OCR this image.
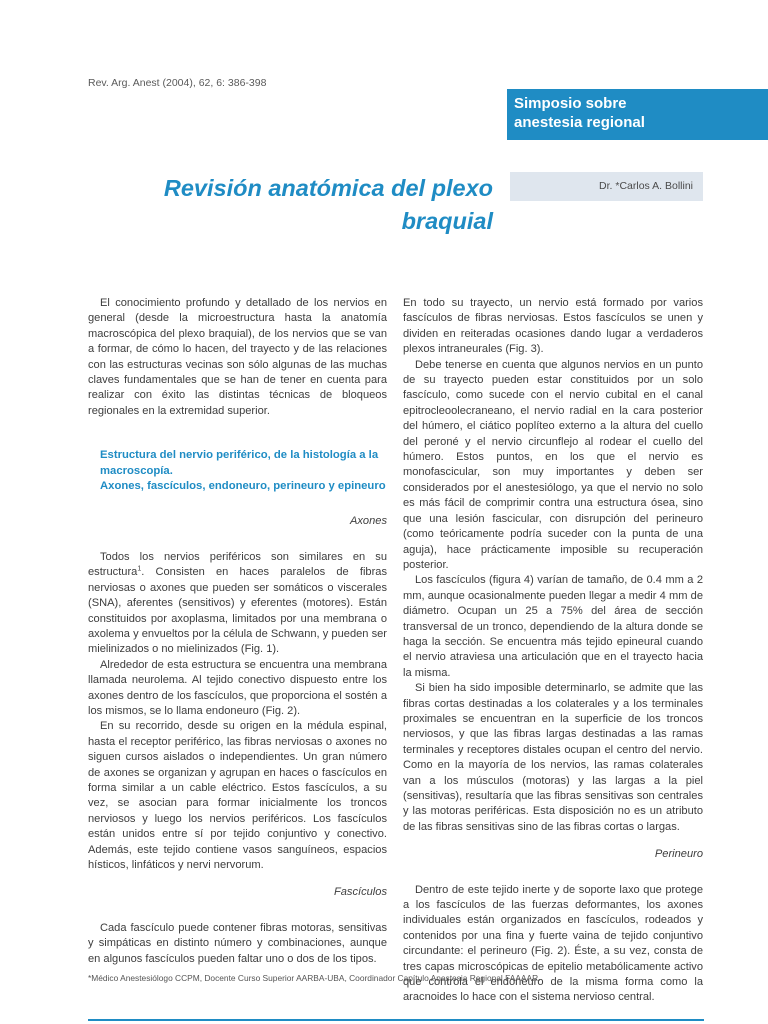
Rev. Arg. Anest (2004), 62, 6: 386-398
Simposio sobre
anestesia regional
Revisión anatómica del plexo
braquial
Dr. *Carlos A. Bollini

El conocimiento profundo y detallado de los nervios en general (desde la microestructura hasta la anatomía macroscópica del plexo braquial), de los nervios que se van a formar, de cómo lo hacen, del trayecto y de las relaciones con las estructuras vecinas son sólo algunas de las muchas claves fundamentales que se han de tener en cuenta para realizar con éxito las distintas técnicas de bloqueos regionales en la extremidad superior.

Estructura del nervio periférico, de la histología a la macroscopía.
Axones, fascículos, endoneuro, perineuro y epineuro
Axones

Todos los nervios periféricos son similares en su estructura$^1$. Consisten en haces paralelos de fibras nerviosas o axones que pueden ser somáticos o viscerales (SNA), aferentes (sensitivos) y eferentes (motores). Están constituidos por axoplasma, limitados por una membrana o axolema y envueltos por la célula de Schwann, y pueden ser mielinizados o no mielinizados (Fig. 1).

Alrededor de esta estructura se encuentra una membrana llamada neurolema. Al tejido conectivo dispuesto entre los axones dentro de los fascículos, que proporciona el sostén a los mismos, se lo llama endoneuro (Fig. 2).

En su recorrido, desde su origen en la médula espinal, hasta el receptor periférico, las fibras nerviosas o axones no siguen cursos aislados o independientes. Un gran número de axones se organizan y agrupan en haces o fascículos en forma similar a un cable eléctrico. Estos fascículos, a su vez, se asocian para formar inicialmente los troncos nerviosos y luego los nervios periféricos. Los fascículos están unidos entre sí por tejido conjuntivo y conectivo. Además, este tejido contiene vasos sanguíneos, espacios hísticos, linfáticos y nervi nervorum.

Fascículos

Cada fascículo puede contener fibras motoras, sensitivas y simpáticas en distinto número y combinaciones, aunque en algunos fascículos pueden faltar uno o dos de los tipos.

En todo su trayecto, un nervio está formado por varios fascículos de fibras nerviosas. Estos fascículos se unen y dividen en reiteradas ocasiones dando lugar a verdaderos plexos intraneurales (Fig. 3).

Debe tenerse en cuenta que algunos nervios en un punto de su trayecto pueden estar constituidos por un solo fascículo, como sucede con el nervio cubital en el canal epitrocleoolecraneano, el nervio radial en la cara posterior del húmero, el ciático poplíteo externo a la altura del cuello del peroné y el nervio circunflejo al rodear el cuello del húmero. Estos puntos, en los que el nervio es monofascicular, son muy importantes y deben ser considerados por el anestesiólogo, ya que el nervio no solo es más fácil de comprimir contra una estructura ósea, sino que una lesión fascicular, con disrupción del perineuro (como teóricamente podría suceder con la punta de una aguja), hace prácticamente imposible su recuperación posterior.

Los fascículos (figura 4) varían de tamaño, de 0.4 mm a 2 mm, aunque ocasionalmente pueden llegar a medir 4 mm de diámetro. Ocupan un 25 a 75% del área de sección transversal de un tronco, dependiendo de la altura donde se haga la sección. Se encuentra más tejido epineural cuando el nervio atraviesa una articulación que en el trayecto hacia la misma.

Si bien ha sido imposible determinarlo, se admite que las fibras cortas destinadas a los colaterales y a los terminales proximales se encuentran en la superficie de los troncos nerviosos, y que las fibras largas destinadas a las ramas terminales y receptores distales ocupan el centro del nervio. Como en la mayoría de los nervios, las ramas colaterales van a los músculos (motoras) y las largas a la piel (sensitivas), resultaría que las fibras sensitivas son centrales y las motoras periféricas. Esta disposición no es un atributo de las fibras sensitivas sino de las fibras cortas o largas.

Perineuro

Dentro de este tejido inerte y de soporte laxo que protege a los fascículos de las fuerzas deformantes, los axones individuales están organizados en fascículos, rodeados y contenidos por una fina y fuerte vaina de tejido conjuntivo circundante: el perineuro (Fig. 2). Éste, a su vez, consta de tres capas microscópicas de epitelio metabólicamente activo que controla el endoneuro de la misma forma como la aracnoides lo hace con el sistema nervioso central.

*Médico Anestesiólogo CCPM, Docente Curso Superior AARBA-UBA, Coordinador Capítulo Anestesia Regional FAAAAR.
